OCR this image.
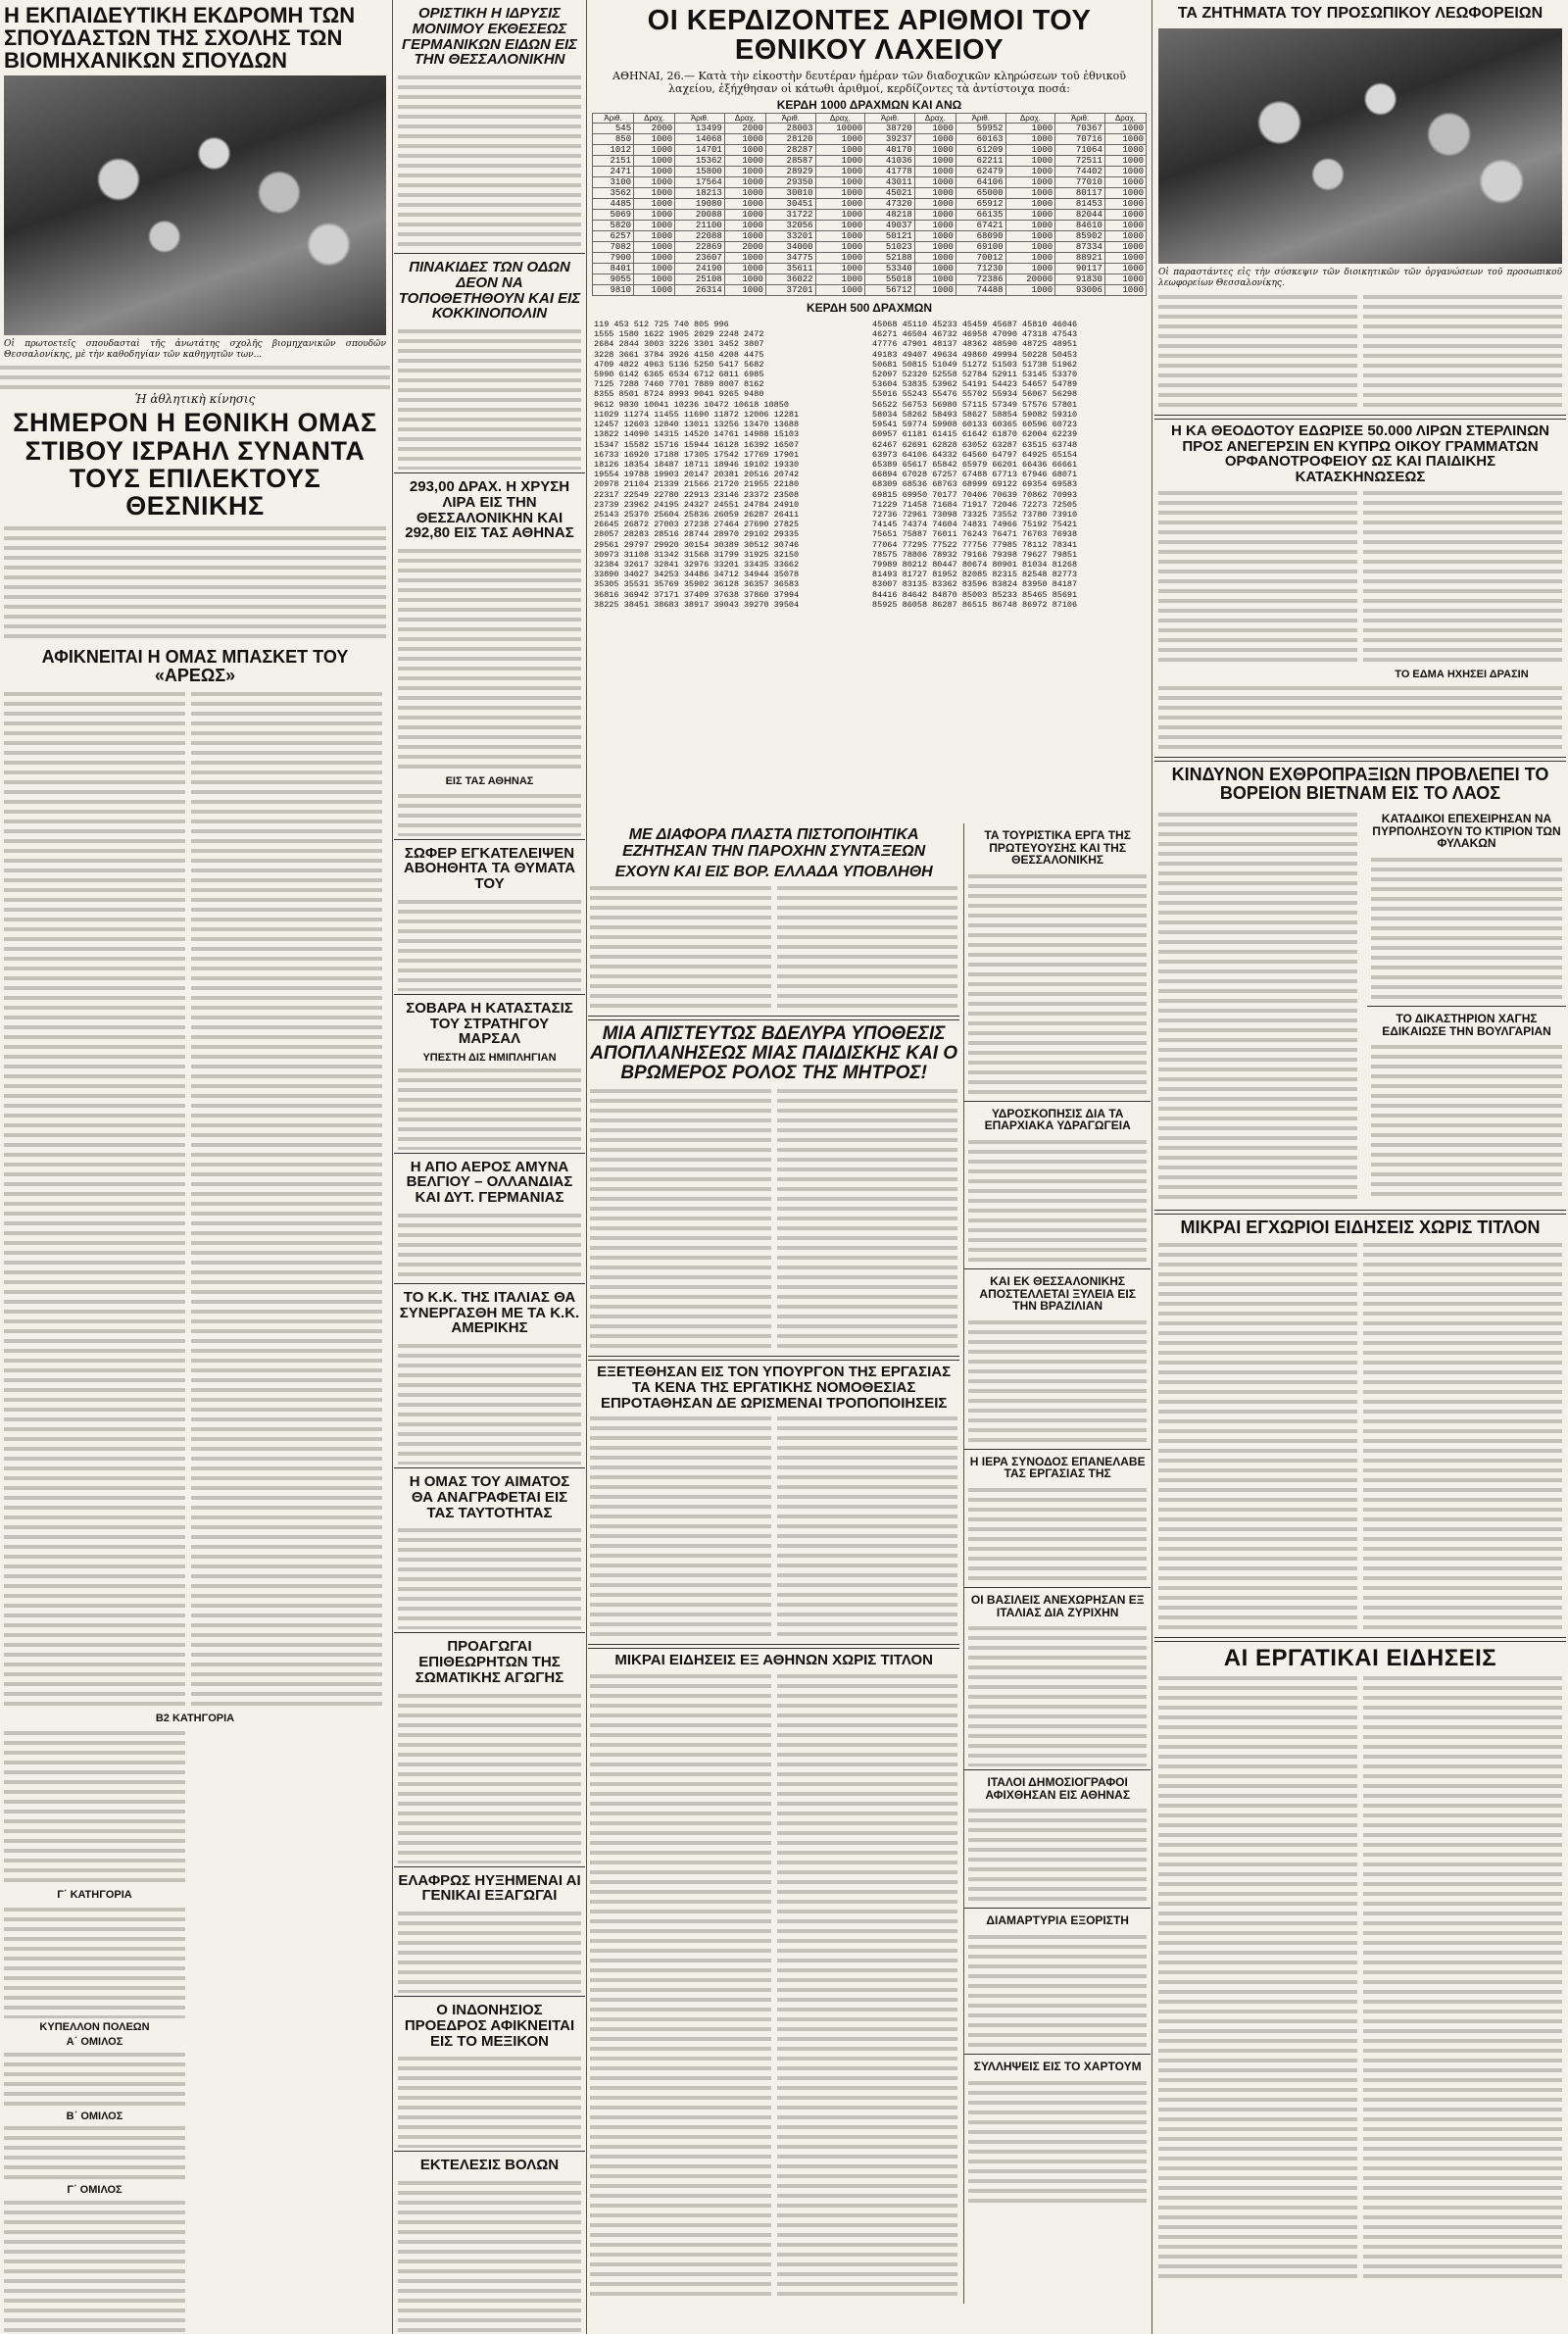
Η ΕΚΠΑΙΔΕΥΤΙΚΗ ΕΚΔΡΟΜΗ ΤΩΝ ΣΠΟΥΔΑΣΤΩΝ ΤΗΣ ΣΧΟΛΗΣ ΤΩΝ ΒΙΟΜΗΧΑΝΙΚΩΝ ΣΠΟΥΔΩΝ
Οἱ πρωτοετεῖς σπουδασταὶ τῆς ἀνωτάτης σχολῆς βιομηχανικῶν σπουδῶν Θεσσαλονίκης, μὲ τὴν καθοδηγίαν τῶν καθηγητῶν των...
Ἡ ἀθλητικὴ κίνησις
ΣΗΜΕΡΟΝ Η ΕΘΝΙΚΗ ΟΜΑΣ ΣΤΙΒΟΥ ΙΣΡΑΗΛ ΣΥΝΑΝΤΑ ΤΟΥΣ ΕΠΙΛΕΚΤΟΥΣ ΘΕΣΝΙΚΗΣ
ΑΦΙΚΝΕΙΤΑΙ Η ΟΜΑΣ ΜΠΑΣΚΕΤ ΤΟΥ «ΑΡΕΩΣ»
Β2 ΚΑΤΗΓΟΡΙΑ
Γ΄ ΚΑΤΗΓΟΡΙΑ
ΚΥΠΕΛΛΟΝ ΠΟΛΕΩΝ
Α΄ ΟΜΙΛΟΣ
Β΄ ΟΜΙΛΟΣ
Γ΄ ΟΜΙΛΟΣ
ΟΡΙΣΤΙΚΗ Η ΙΔΡΥΣΙΣ ΜΟΝΙΜΟΥ ΕΚΘΕΣΕΩΣ ΓΕΡΜΑΝΙΚΩΝ ΕΙΔΩΝ ΕΙΣ ΤΗΝ ΘΕΣΣΑΛΟΝΙΚΗΝ
ΠΙΝΑΚΙΔΕΣ ΤΩΝ ΟΔΩΝ ΔΕΟΝ ΝΑ ΤΟΠΟΘΕΤΗΘΟΥΝ ΚΑΙ ΕΙΣ ΚΟΚΚΙΝΟΠΟΛΙΝ
293,00 ΔΡΑΧ. Η ΧΡΥΣΗ ΛΙΡΑ ΕΙΣ ΤΗΝ ΘΕΣΣΑΛΟΝΙΚΗΝ ΚΑΙ 292,80 ΕΙΣ ΤΑΣ ΑΘΗΝΑΣ
ΕΙΣ ΤΑΣ ΑΘΗΝΑΣ
ΣΩΦΕΡ ΕΓΚΑΤΕΛΕΙΨΕΝ ΑΒΟΗΘΗΤΑ ΤΑ ΘΥΜΑΤΑ ΤΟΥ
ΣΟΒΑΡΑ Η ΚΑΤΑΣΤΑΣΙΣ ΤΟΥ ΣΤΡΑΤΗΓΟΥ ΜΑΡΣΑΛ
ΥΠΕΣΤΗ ΔΙΣ ΗΜΙΠΛΗΓΙΑΝ
Η ΑΠΟ ΑΕΡΟΣ ΑΜΥΝΑ ΒΕΛΓΙΟΥ – ΟΛΛΑΝΔΙΑΣ ΚΑΙ ΔΥΤ. ΓΕΡΜΑΝΙΑΣ
ΤΟ Κ.Κ. ΤΗΣ ΙΤΑΛΙΑΣ ΘΑ ΣΥΝΕΡΓΑΣΘΗ ΜΕ ΤΑ Κ.Κ. ΑΜΕΡΙΚΗΣ
Η ΟΜΑΣ ΤΟΥ ΑΙΜΑΤΟΣ ΘΑ ΑΝΑΓΡΑΦΕΤΑΙ ΕΙΣ ΤΑΣ ΤΑΥΤΟΤΗΤΑΣ
ΠΡΟΑΓΩΓΑΙ ΕΠΙΘΕΩΡΗΤΩΝ ΤΗΣ ΣΩΜΑΤΙΚΗΣ ΑΓΩΓΗΣ
ΕΛΑΦΡΩΣ ΗΥΞΗΜΕΝΑΙ ΑΙ ΓΕΝΙΚΑΙ ΕΞΑΓΩΓΑΙ
Ο ΙΝΔΟΝΗΣΙΟΣ ΠΡΟΕΔΡΟΣ ΑΦΙΚΝΕΙΤΑΙ ΕΙΣ ΤΟ ΜΕΞΙΚΟΝ
ΕΚΤΕΛΕΣΙΣ ΒΟΛΩΝ
ΟΙ ΚΕΡΔΙΖΟΝΤΕΣ ΑΡΙΘΜΟΙ ΤΟΥ ΕΘΝΙΚΟΥ ΛΑΧΕΙΟΥ
ΑΘΗΝΑΙ, 26.— Κατὰ τὴν εἰκοστὴν δευτέραν ἡμέραν τῶν διαδοχικῶν κληρώσεων τοῦ ἐθνικοῦ λαχείου, ἐξήχθησαν οἱ κάτωθι ἀριθμοί, κερδίζοντες τὰ ἀντίστοιχα ποσά:
ΚΕΡΔΗ 1000 ΔΡΑΧΜΩΝ ΚΑΙ ΑΝΩ
Ἀριθ.	Δραχ.	Ἀριθ.	Δραχ.	Ἀριθ.	Δραχ.	Ἀριθ.	Δραχ.	Ἀριθ.	Δραχ.	Ἀριθ.	Δραχ.
545	2000	13499	2000	28003	10000	38720	1000	59952	1000	70367	1000
850	1000	14068	1000	28120	1000	39237	1000	60163	1000	70716	1000
1012	1000	14701	1000	28287	1000	40170	1000	61209	1000	71064	1000
2151	1000	15362	1000	28587	1000	41036	1000	62211	1000	72511	1000
2471	1000	15800	1000	28929	1000	41778	1000	62479	1000	74402	1000
3100	1000	17564	1000	29350	1000	43011	1000	64106	1000	77010	1000
3562	1000	18213	1000	30010	1000	45021	1000	65000	1000	80117	1000
4485	1000	19080	1000	30451	1000	47320	1000	65912	1000	81453	1000
5069	1000	20088	1000	31722	1000	48218	1000	66135	1000	82044	1000
5820	1000	21100	1000	32056	1000	49037	1000	67421	1000	84610	1000
6257	1000	22088	1000	33201	1000	50121	1000	68090	1000	85902	1000
7082	1000	22869	2000	34000	1000	51023	1000	69100	1000	87334	1000
7900	1000	23607	1000	34775	1000	52188	1000	70012	1000	88921	1000
8401	1000	24190	1000	35611	1000	53340	1000	71230	1000	90117	1000
9055	1000	25108	1000	36022	1000	55018	1000	72386	20000	91830	1000
9810	1000	26314	1000	37201	1000	56712	1000	74488	1000	93006	1000
ΚΕΡΔΗ 500 ΔΡΑΧΜΩΝ
119 453 512 725 740 805 996
1555 1580 1622 1905 2029 2248 2472
2684 2844 3003 3226 3301 3452 3807
3228 3661 3784 3926 4150 4208 4475
4709 4822 4963 5136 5250 5417 5682
5990 6142 6365 6534 6712 6811 6985
7125 7288 7460 7701 7889 8007 8162
8355 8501 8724 8993 9041 9265 9480
9612 9830 10041 10236 10472 10618 10850
11029 11274 11455 11690 11872 12006 12281
12457 12603 12840 13011 13256 13470 13688
13822 14090 14315 14520 14761 14988 15103
15347 15582 15716 15944 16128 16392 16507
16733 16920 17188 17305 17542 17769 17901
18126 18354 18487 18711 18946 19102 19330
19554 19788 19903 20147 20381 20516 20742
20978 21104 21339 21566 21720 21955 22180
22317 22549 22780 22913 23146 23372 23508
23739 23962 24195 24327 24551 24784 24910
25143 25370 25604 25836 26059 26287 26411
26645 26872 27003 27238 27464 27690 27825
28057 28283 28516 28744 28970 29102 29335
29561 29797 29920 30154 30389 30512 30746
30973 31108 31342 31568 31799 31925 32150
32384 32617 32841 32976 33201 33435 33662
33890 34027 34253 34486 34712 34944 35078
35305 35531 35769 35902 36128 36357 36583
36816 36942 37171 37409 37638 37860 37994
38225 38451 38683 38917 39043 39270 39504
45068 45110 45233 45459 45687 45810 46046
46271 46504 46732 46958 47090 47318 47543
47776 47901 48137 48362 48590 48725 48951
49183 49407 49634 49860 49994 50228 50453
50681 50815 51049 51272 51503 51738 51962
52097 52320 52558 52784 52911 53145 53370
53604 53835 53962 54191 54423 54657 54789
55016 55243 55476 55702 55934 56067 56298
56522 56753 56980 57115 57349 57576 57801
58034 58262 58493 58627 58854 59082 59310
59541 59774 59908 60133 60365 60596 60723
60957 61181 61415 61642 61870 62004 62239
62467 62691 62828 63052 63287 63515 63748
63973 64106 64332 64560 64797 64925 65154
65389 65617 65842 65979 66201 66436 66661
66894 67028 67257 67488 67713 67946 68071
68309 68536 68763 68999 69122 69354 69583
69815 69950 70177 70406 70639 70862 70993
71229 71458 71684 71917 72046 72273 72505
72736 72961 73098 73325 73552 73780 73910
74145 74374 74604 74831 74966 75192 75421
75651 75887 76011 76243 76471 76703 76938
77064 77295 77522 77756 77985 78112 78341
78575 78806 78932 79166 79398 79627 79851
79989 80212 80447 80674 80901 81034 81268
81493 81727 81952 82085 82315 82548 82773
83007 83135 83362 83596 83824 83950 84187
84416 84642 84870 85003 85233 85465 85691
85925 86058 86287 86515 86748 86972 87106
ΜΕ ΔΙΑΦΟΡΑ ΠΛΑΣΤΑ ΠΙΣΤΟΠΟΙΗΤΙΚΑ ΕΖΗΤΗΣΑΝ ΤΗΝ ΠΑΡΟΧΗΝ ΣΥΝΤΑΞΕΩΝ
ΕΧΟΥΝ ΚΑΙ ΕΙΣ ΒΟΡ. ΕΛΛΑΔΑ ΥΠΟΒΛΗΘΗ
ΜΙΑ ΑΠΙΣΤΕΥΤΩΣ ΒΔΕΛΥΡΑ ΥΠΟΘΕΣΙΣ ΑΠΟΠΛΑΝΗΣΕΩΣ ΜΙΑΣ ΠΑΙΔΙΣΚΗΣ ΚΑΙ Ο ΒΡΩΜΕΡΟΣ ΡΟΛΟΣ ΤΗΣ ΜΗΤΡΟΣ!
ΕΞΕΤΕΘΗΣΑΝ ΕΙΣ ΤΟΝ ΥΠΟΥΡΓΟΝ ΤΗΣ ΕΡΓΑΣΙΑΣ ΤΑ ΚΕΝΑ ΤΗΣ ΕΡΓΑΤΙΚΗΣ ΝΟΜΟΘΕΣΙΑΣ ΕΠΡΟΤΑΘΗΣΑΝ ΔΕ ΩΡΙΣΜΕΝΑΙ ΤΡΟΠΟΠΟΙΗΣΕΙΣ
ΜΙΚΡΑΙ ΕΙΔΗΣΕΙΣ ΕΞ ΑΘΗΝΩΝ ΧΩΡΙΣ ΤΙΤΛΟΝ
ΤΑ ΤΟΥΡΙΣΤΙΚΑ ΕΡΓΑ ΤΗΣ ΠΡΩΤΕΥΟΥΣΗΣ ΚΑΙ ΤΗΣ ΘΕΣΣΑΛΟΝΙΚΗΣ
ΥΔΡΟΣΚΟΠΗΣΙΣ ΔΙΑ ΤΑ ΕΠΑΡΧΙΑΚΑ ΥΔΡΑΓΩΓΕΙΑ
ΚΑΙ ΕΚ ΘΕΣΣΑΛΟΝΙΚΗΣ ΑΠΟΣΤΕΛΛΕΤΑΙ ΞΥΛΕΙΑ ΕΙΣ ΤΗΝ ΒΡΑΖΙΛΙΑΝ
Η ΙΕΡΑ ΣΥΝΟΔΟΣ ΕΠΑΝΕΛΑΒΕ ΤΑΣ ΕΡΓΑΣΙΑΣ ΤΗΣ
ΟΙ ΒΑΣΙΛΕΙΣ ΑΝΕΧΩΡΗΣΑΝ ΕΞ ΙΤΑΛΙΑΣ ΔΙΑ ΖΥΡΙΧΗΝ
ΙΤΑΛΟΙ ΔΗΜΟΣΙΟΓΡΑΦΟΙ ΑΦΙΧΘΗΣΑΝ ΕΙΣ ΑΘΗΝΑΣ
ΔΙΑΜΑΡΤΥΡΙΑ ΕΞΟΡΙΣΤΗ
ΣΥΛΛΗΨΕΙΣ ΕΙΣ ΤΟ ΧΑΡΤΟΥΜ
ΤΑ ΖΗΤΗΜΑΤΑ ΤΟΥ ΠΡΟΣΩΠΙΚΟΥ ΛΕΩΦΟΡΕΙΩΝ
Οἱ παραστάντες εἰς τὴν σύσκεψιν τῶν διοικητικῶν τῶν ὀργανώσεων τοῦ προσωπικοῦ λεωφορείων Θεσσαλονίκης.
Η ΚΑ ΘΕΟΔΟΤΟΥ ΕΔΩΡΙΣΕ 50.000 ΛΙΡΩΝ ΣΤΕΡΛΙΝΩΝ ΠΡΟΣ ΑΝΕΓΕΡΣΙΝ ΕΝ ΚΥΠΡΩ ΟΙΚΟΥ ΓΡΑΜΜΑΤΩΝ ΟΡΦΑΝΟΤΡΟΦΕΙΟΥ ΩΣ ΚΑΙ ΠΑΙΔΙΚΗΣ ΚΑΤΑΣΚΗΝΩΣΕΩΣ
ΤΟ ΕΔΜΑ ΗΧΗΣΕΙ ΔΡΑΣΙΝ
ΚΙΝΔΥΝΟΝ ΕΧΘΡΟΠΡΑΞΙΩΝ ΠΡΟΒΛΕΠΕΙ ΤΟ ΒΟΡΕΙΟΝ ΒΙΕΤΝΑΜ ΕΙΣ ΤΟ ΛΑΟΣ
ΚΑΤΑΔΙΚΟΙ ΕΠΕΧΕΙΡΗΣΑΝ ΝΑ ΠΥΡΠΟΛΗΣΟΥΝ ΤΟ ΚΤΙΡΙΟΝ ΤΩΝ ΦΥΛΑΚΩΝ
ΤΟ ΔΙΚΑΣΤΗΡΙΟΝ ΧΑΓΗΣ ΕΔΙΚΑΙΩΣΕ ΤΗΝ ΒΟΥΛΓΑΡΙΑΝ
ΜΙΚΡΑΙ ΕΓΧΩΡΙΟΙ ΕΙΔΗΣΕΙΣ ΧΩΡΙΣ ΤΙΤΛΟΝ
ΑΙ ΕΡΓΑΤΙΚΑΙ ΕΙΔΗΣΕΙΣ
